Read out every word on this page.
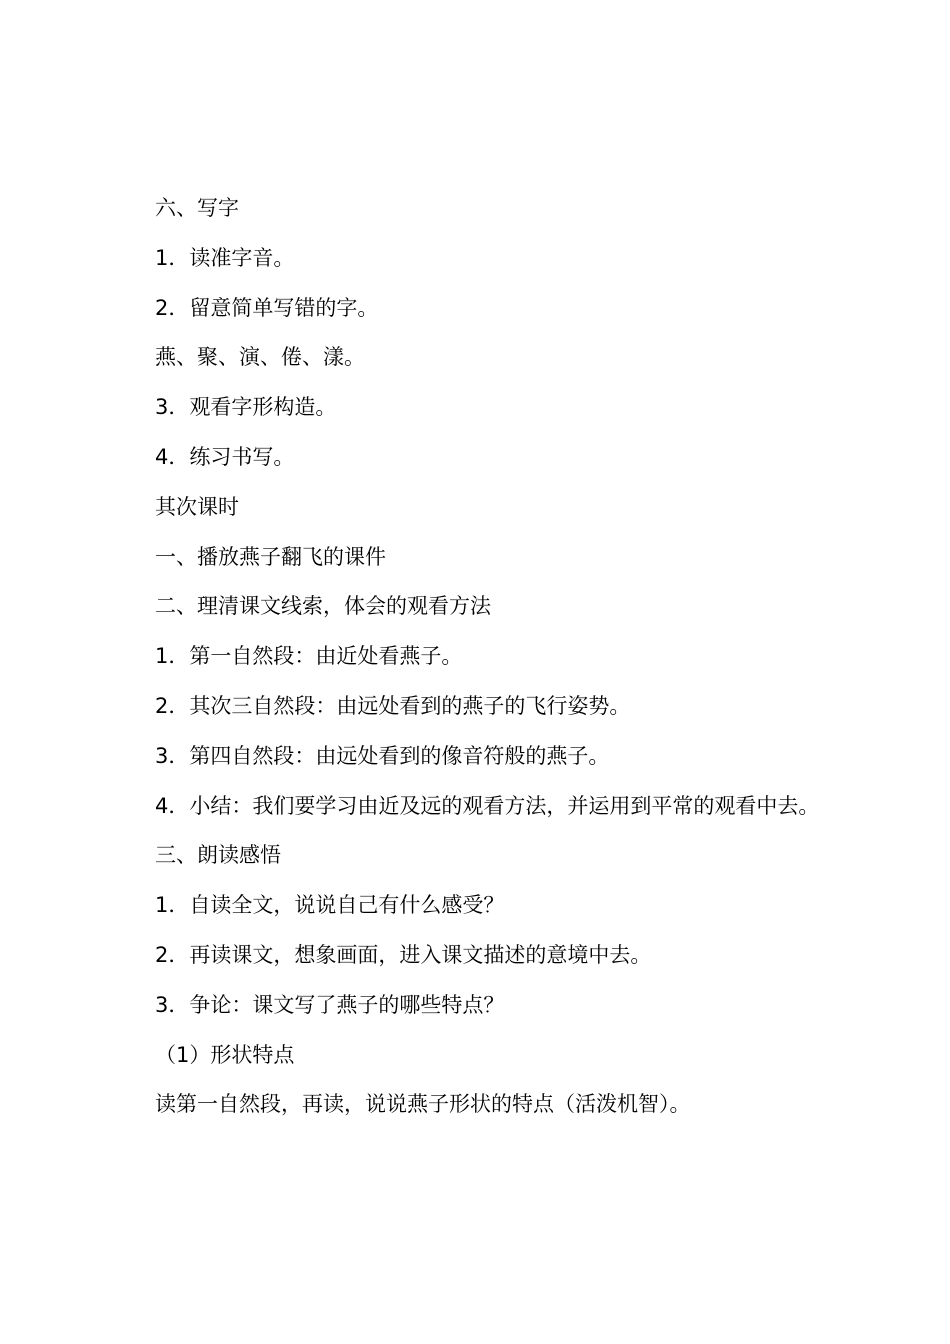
六、写字

1．读准字音。

2．留意简单写错的字。

燕、聚、演、倦、漾。

3．观看字形构造。

4．练习书写。

其次课时

一、播放燕子翻飞的课件

二、理清课文线索，体会的观看方法

1．第一自然段：由近处看燕子。

2．其次三自然段：由远处看到的燕子的飞行姿势。

3．第四自然段：由远处看到的像音符般的燕子。

4．小结：我们要学习由近及远的观看方法，并运用到平常的观看中去。

三、朗读感悟

1．自读全文，说说自己有什么感受？

2．再读课文，想象画面，进入课文描述的意境中去。

3．争论：课文写了燕子的哪些特点？

（1）形状特点

读第一自然段，再读，说说燕子形状的特点（活泼机智）。
